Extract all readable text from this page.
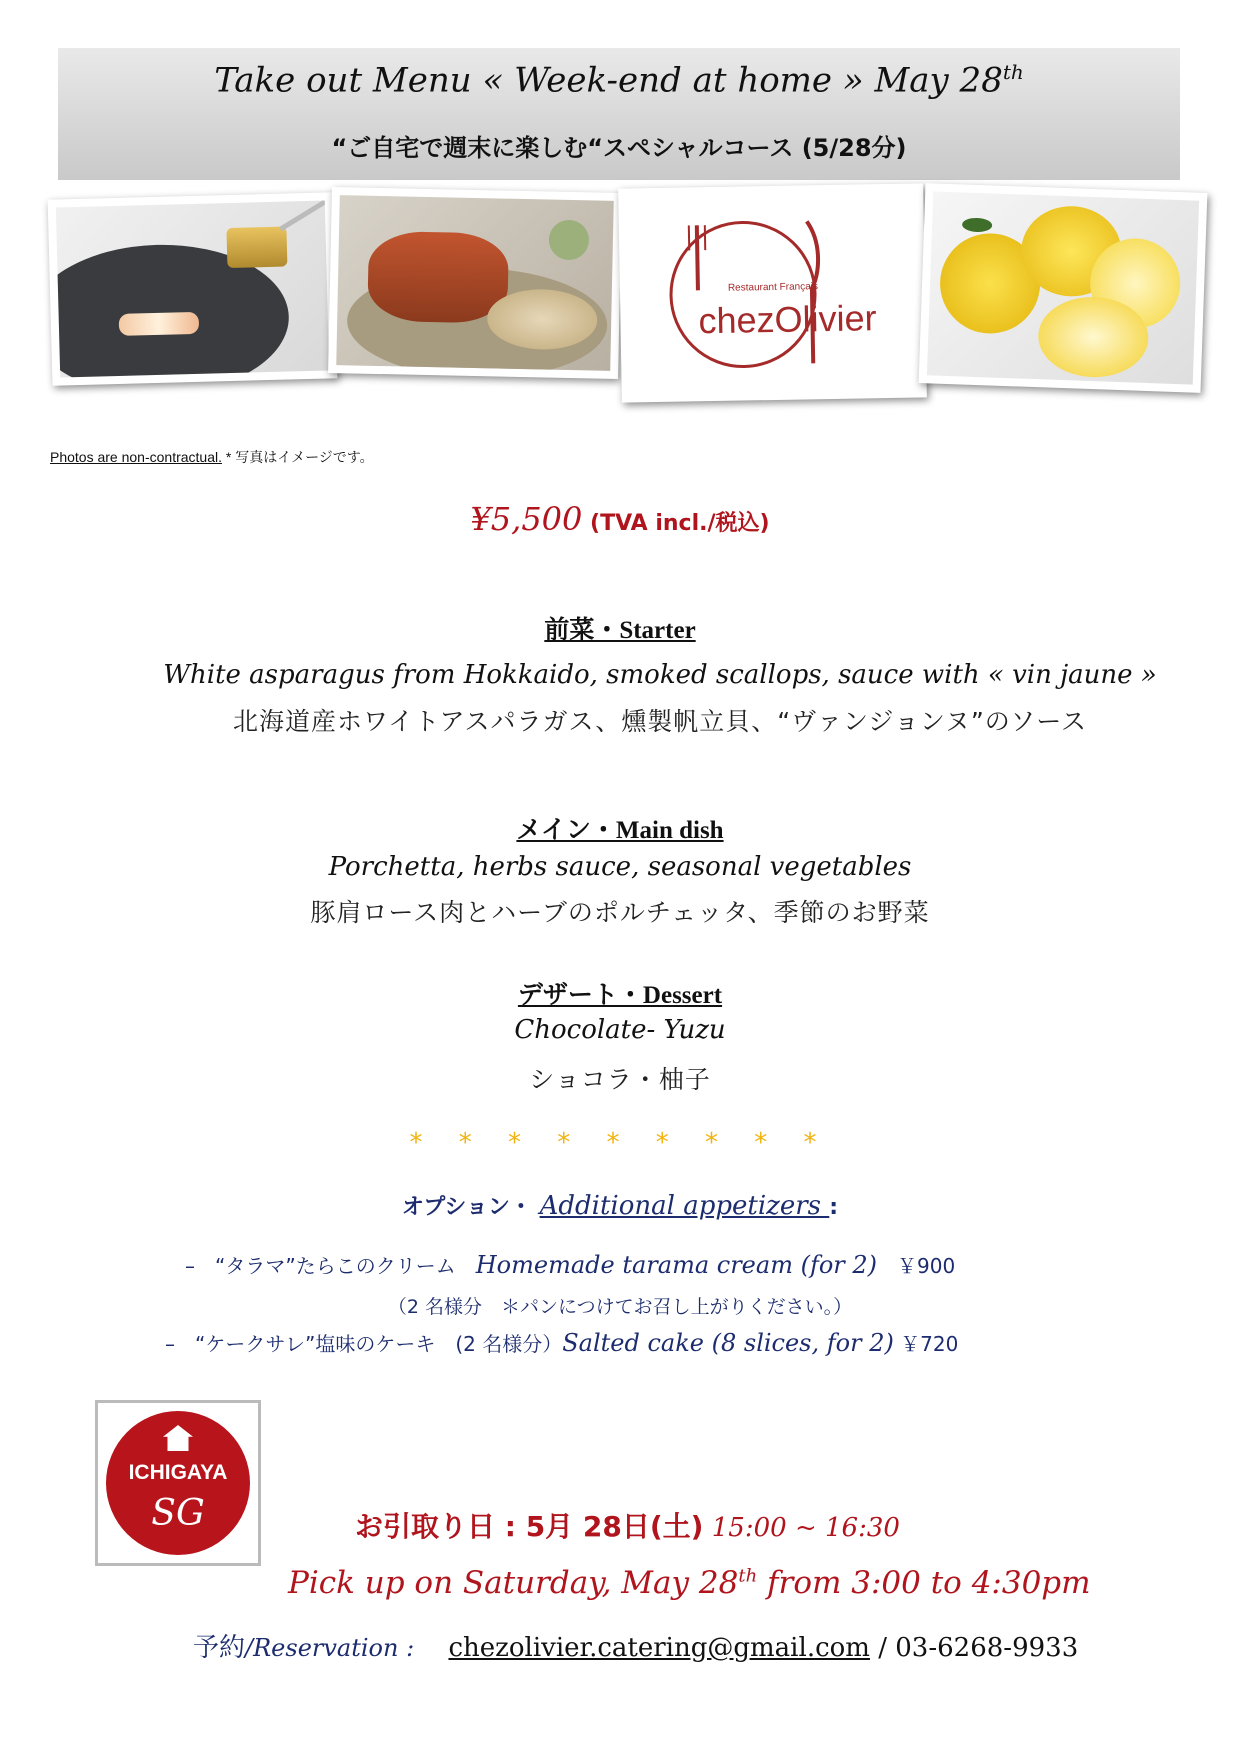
Take out Menu « Week-end at home » May 28th
“ご自宅で週末に楽しむ“スペシャルコース (5/28分)
Restaurant Français
chezOlivier
Photos are non-contractual. * 写真はイメージです。
¥5,500 (TVA incl./税込)
前菜・Starter
White asparagus from Hokkaido, smoked scallops, sauce with « vin jaune »
北海道産ホワイトアスパラガス、燻製帆立貝、“ヴァンジョンヌ”のソース
メイン・Main dish
Porchetta, herbs sauce, seasonal vegetables
豚肩ロース肉とハーブのポルチェッタ、季節のお野菜
デザート・Dessert
Chocolate- Yuzu
ショコラ・柚子
* * * * * * * * *
オプション・ Additional appetizers :
–　“タラマ”たらこのクリーム　Homemade tarama cream (for 2)　￥900
（2 名様分　＊パンにつけてお召し上がりください。）
–　“ケークサレ”塩味のケーキ　(2 名様分）Salted cake (8 slices, for 2) ￥720
ICHIGAYA
SG	お引取り日 : 5月 28日(土) 15:00 ~ 16:30
Pick up on Saturday, May 28th from 3:00 to 4:30pm
予約/Reservation :　 chezolivier.catering@gmail.com / 03-6268-9933
